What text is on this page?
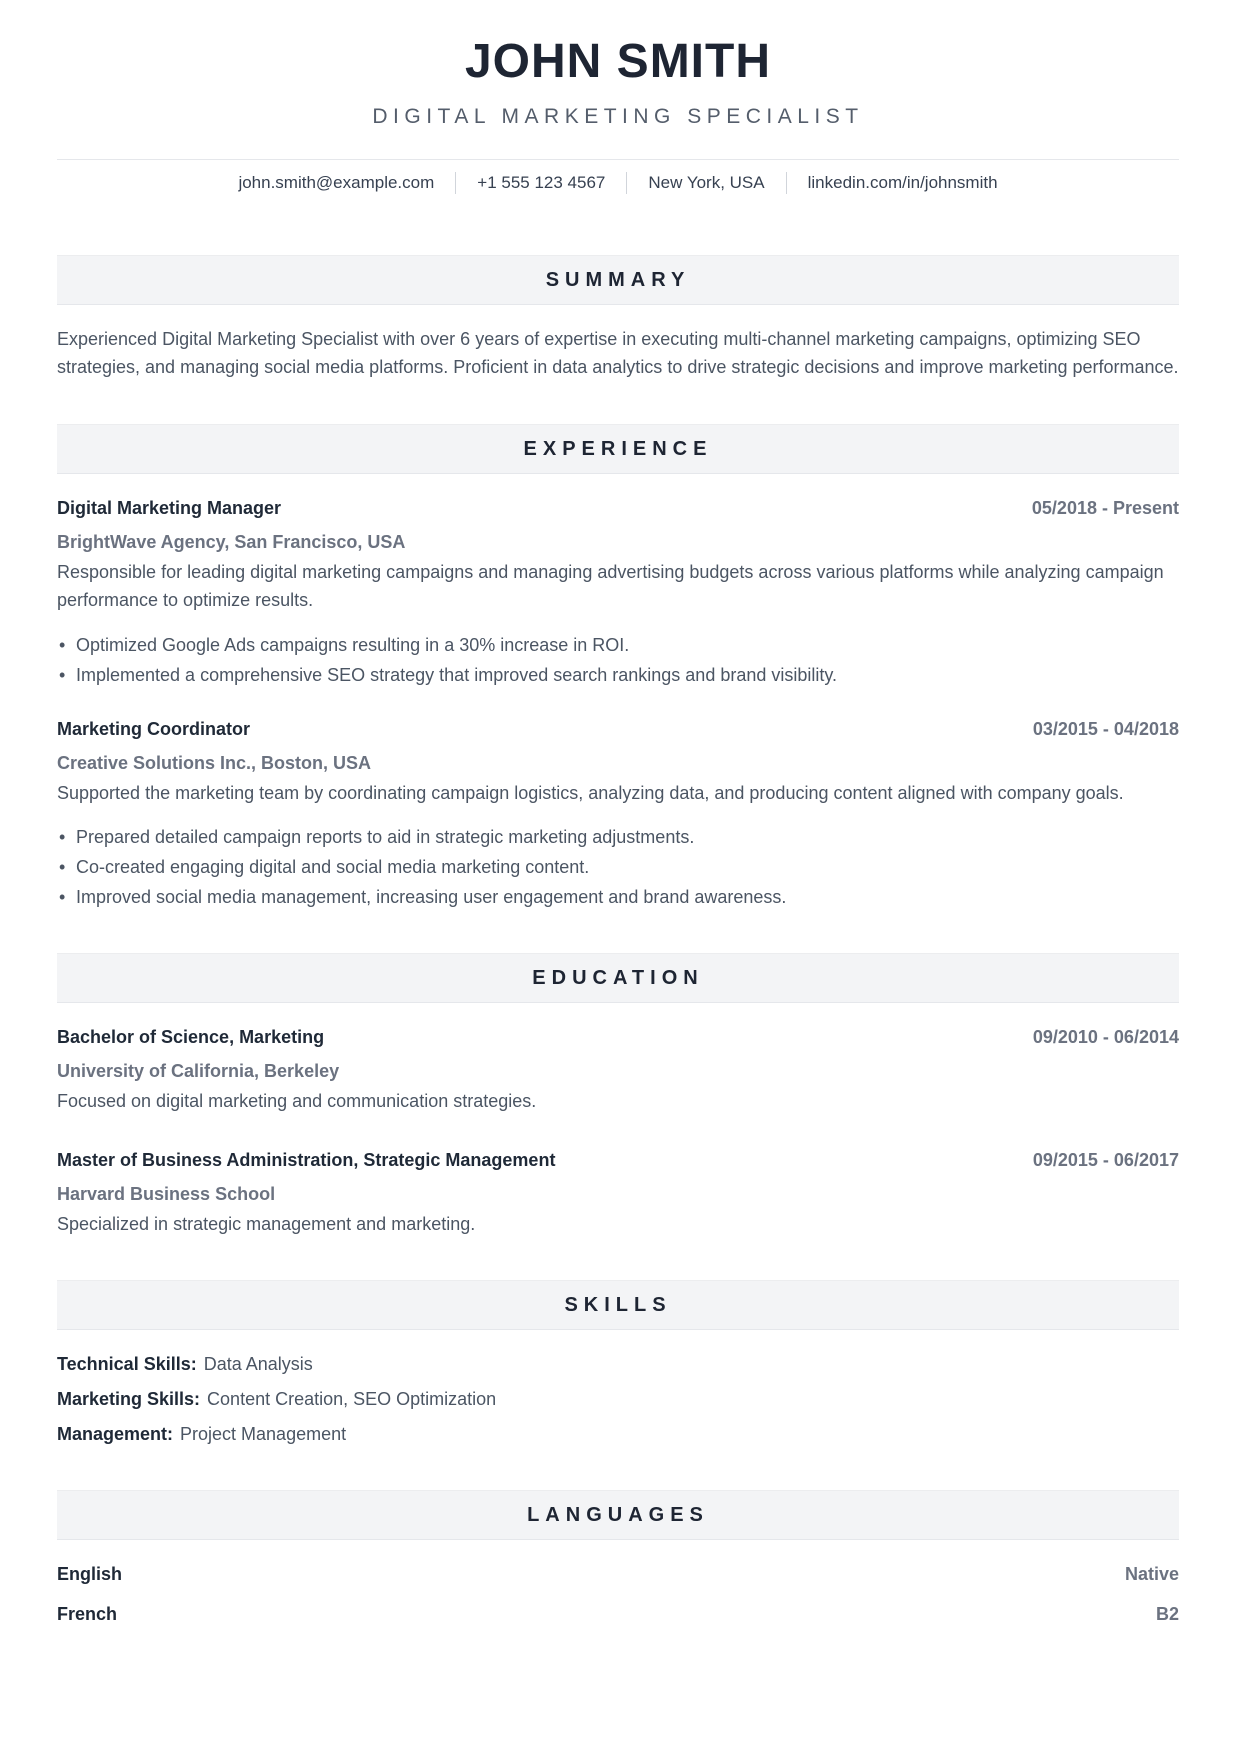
JOHN SMITH
DIGITAL MARKETING SPECIALIST
john.smith@example.com	+1 555 123 4567	New York, USA	linkedin.com/in/johnsmith
SUMMARY

Experienced Digital Marketing Specialist with over 6 years of expertise in executing multi-channel marketing campaigns, optimizing SEO strategies, and managing social media platforms. Proficient in data analytics to drive strategic decisions and improve marketing performance.

EXPERIENCE
Digital Marketing Manager	05/2018 - Present
BrightWave Agency, San Francisco, USA
Responsible for leading digital marketing campaigns and managing advertising budgets across various platforms while analyzing campaign performance to optimize results.
• Optimized Google Ads campaigns resulting in a 30% increase in ROI.
• Implemented a comprehensive SEO strategy that improved search rankings and brand visibility.
Marketing Coordinator	03/2015 - 04/2018
Creative Solutions Inc., Boston, USA
Supported the marketing team by coordinating campaign logistics, analyzing data, and producing content aligned with company goals.
• Prepared detailed campaign reports to aid in strategic marketing adjustments.
• Co-created engaging digital and social media marketing content.
• Improved social media management, increasing user engagement and brand awareness.
EDUCATION
Bachelor of Science, Marketing	09/2010 - 06/2014
University of California, Berkeley
Focused on digital marketing and communication strategies.
Master of Business Administration, Strategic Management	09/2015 - 06/2017
Harvard Business School
Specialized in strategic management and marketing.
SKILLS
Technical Skills: Data Analysis
Marketing Skills: Content Creation, SEO Optimization
Management: Project Management
LANGUAGES
English	Native
French	B2
